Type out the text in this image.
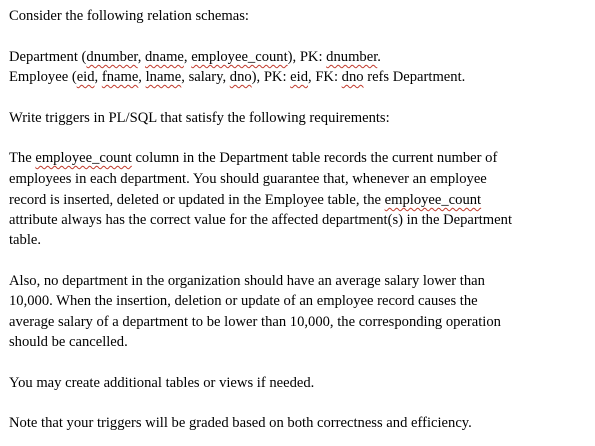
Consider the following relation schemas:
Department (dnumber, dname, employee_count), PK: dnumber.
Employee (eid, fname, lname, salary, dno), PK: eid, FK: dno refs Department.
Write triggers in PL/SQL that satisfy the following requirements:
The employee_count column in the Department table records the current number of
employees in each department. You should guarantee that, whenever an employee
record is inserted, deleted or updated in the Employee table, the employee_count
attribute always has the correct value for the affected department(s) in the Department
table.
Also, no department in the organization should have an average salary lower than
10,000. When the insertion, deletion or update of an employee record causes the
average salary of a department to be lower than 10,000, the corresponding operation
should be cancelled.
You may create additional tables or views if needed.
Note that your triggers will be graded based on both correctness and efficiency.
